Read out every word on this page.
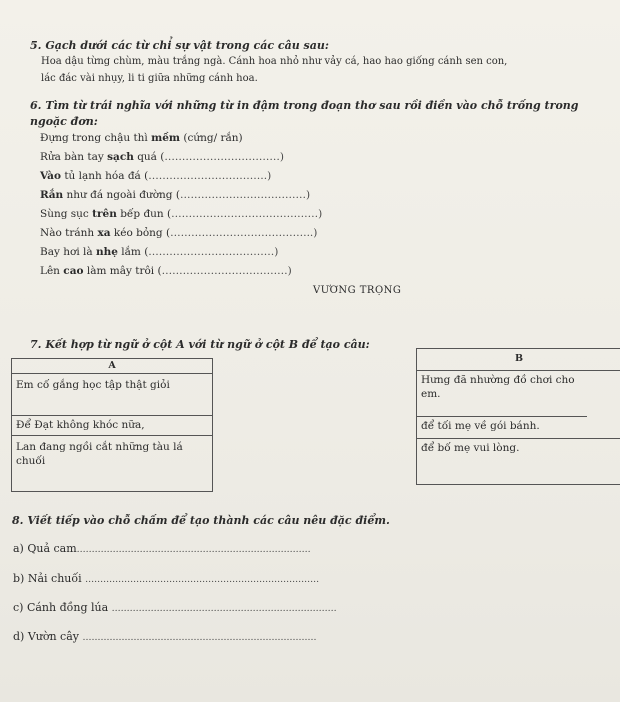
5. Gạch dưới các từ chỉ sự vật trong các câu sau:
Hoa dậu từng chùm, màu trắng ngà. Cánh hoa nhỏ như vảy cá, hao hao giống cánh sen con,
lác đác vài nhụy, li ti giữa những cánh hoa.
6. Tìm từ trái nghĩa với những từ in đậm trong đoạn thơ sau rồi điền vào chỗ trống trong
ngoặc đơn:
Đựng trong chậu thì mềm (cứng/ rắn)
Rửa bàn tay sạch quá (……………………………)
Vào tủ lạnh hóa đá (…………………………….)
Rắn như đá ngoài đường (………………………………)
Sùng sục trên bếp đun (……………………………………)
Nào tránh xa kéo bỏng (…………………………………..)
Bay hơi là nhẹ lắm (………………………………)
Lên cao làm mây trôi (………………………………)
VƯƠNG TRỌNG
7. Kết hợp từ ngữ ở cột A với từ ngữ ở cột B để tạo câu:
A
Em cố gắng học tập thật giỏi
Để Đạt không khóc nữa,
Lan đang ngồi cắt những tàu lá chuối
B
Hưng đã nhường đồ chơi cho em.
để tối mẹ về gói bánh.
để bố mẹ vui lòng.
8. Viết tiếp vào chỗ chấm để tạo thành các câu nêu đặc điểm.
a) Quả cam……………………………………………………………………
b) Nải chuối ……………………………………………………………………
c) Cánh đồng lúa …………………………………………………………………
d) Vườn cây ……………………………………………………………………
